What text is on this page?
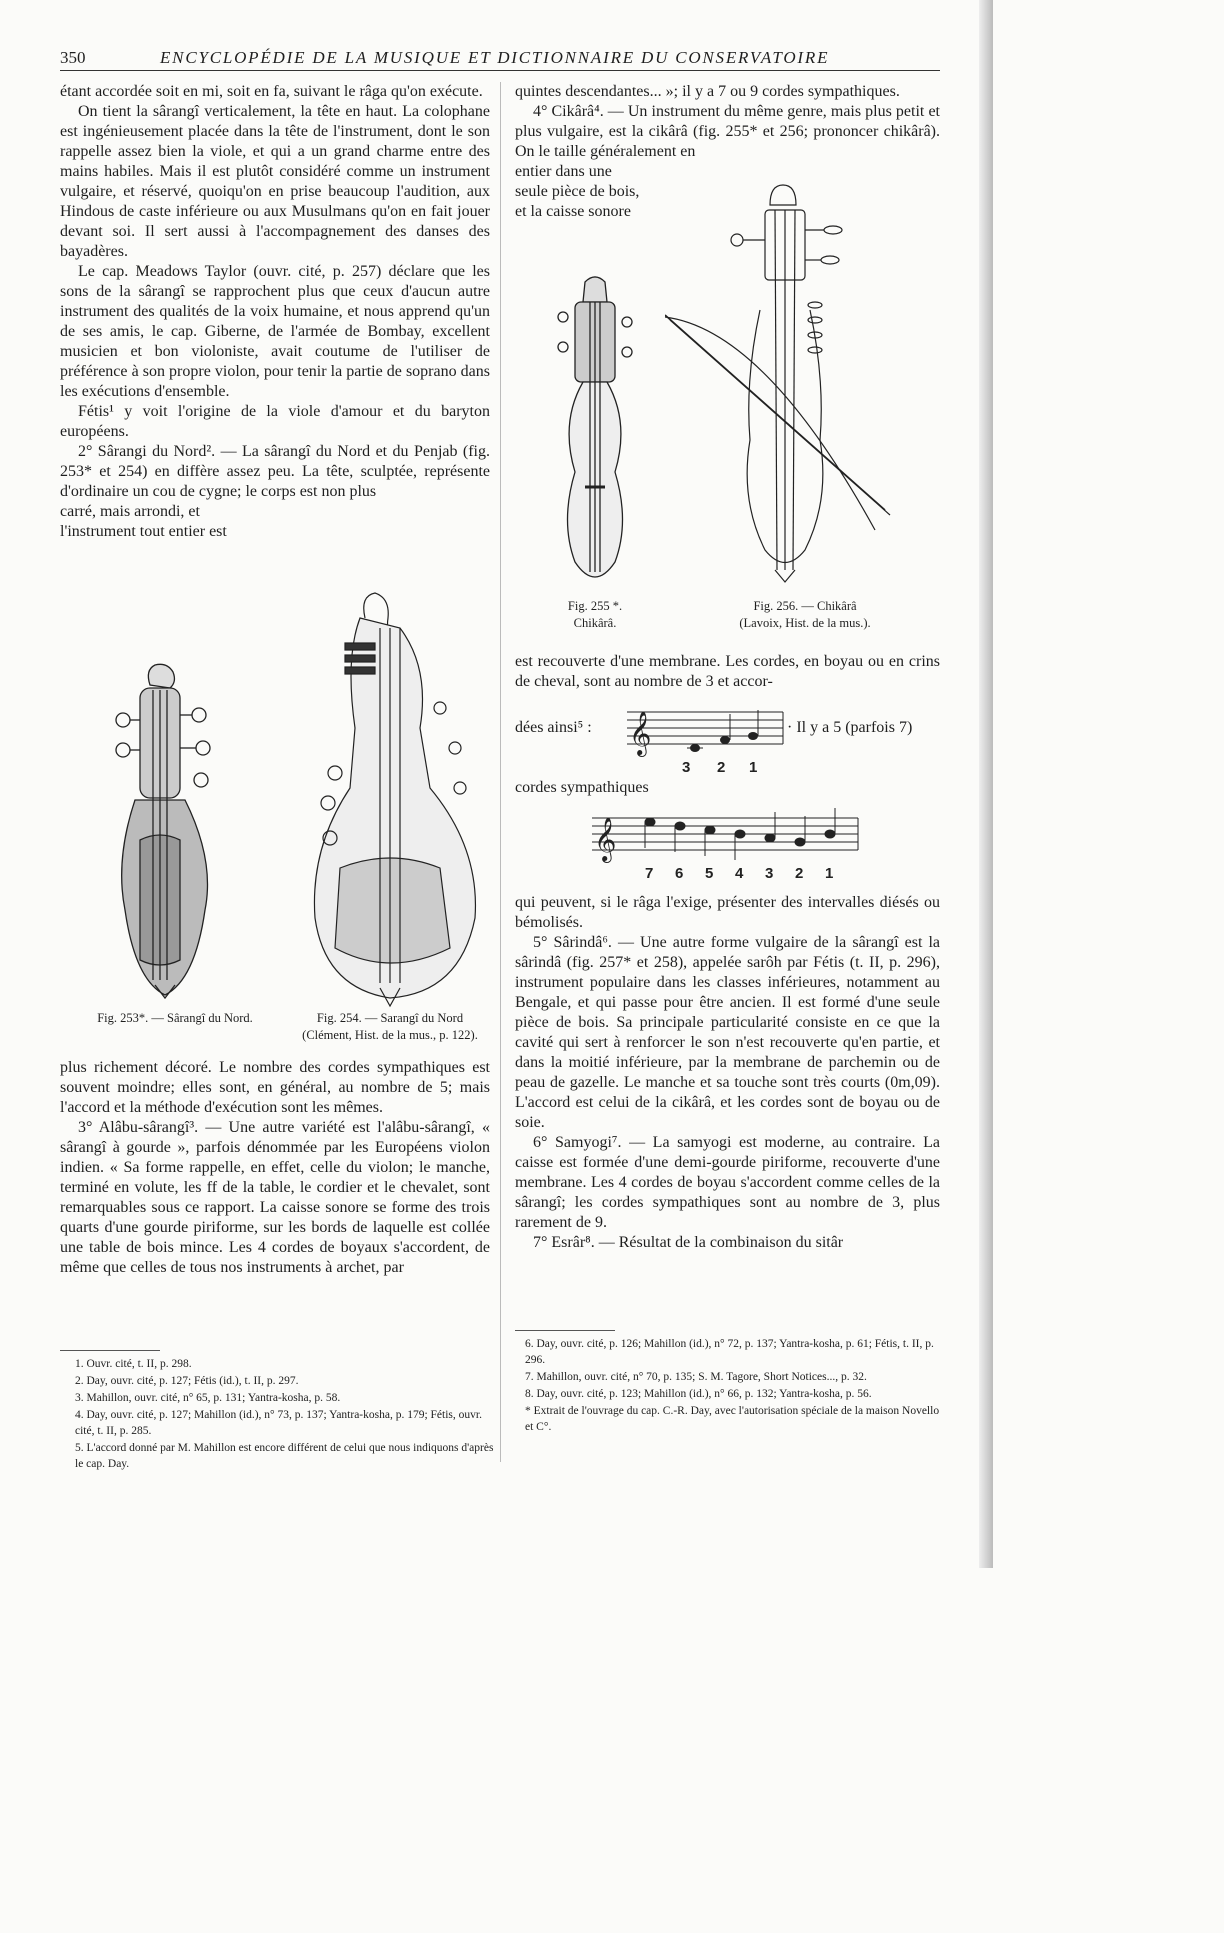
350	ENCYCLOPÉDIE DE LA MUSIQUE ET DICTIONNAIRE DU CONSERVATOIRE

étant accordée soit en mi, soit en fa, suivant le râga qu'on exécute.

On tient la sârangî verticalement, la tête en haut. La colophane est ingénieusement placée dans la tête de l'instrument, dont le son rappelle assez bien la viole, et qui a un grand charme entre des mains habiles. Mais il est plutôt considéré comme un instrument vulgaire, et réservé, quoiqu'on en prise beaucoup l'audition, aux Hindous de caste inférieure ou aux Musulmans qu'on en fait jouer devant soi. Il sert aussi à l'accompagnement des danses des bayadères.

Le cap. Meadows Taylor (ouvr. cité, p. 257) déclare que les sons de la sârangî se rapprochent plus que ceux d'aucun autre instrument des qualités de la voix humaine, et nous apprend qu'un de ses amis, le cap. Giberne, de l'armée de Bombay, excellent musicien et bon violoniste, avait coutume de l'utiliser de préférence à son propre violon, pour tenir la partie de soprano dans les exécutions d'ensemble.

Fétis¹ y voit l'origine de la viole d'amour et du baryton européens.

2° Sârangi du Nord². — La sârangî du Nord et du Penjab (fig. 253* et 254) en diffère assez peu. La tête, sculptée, représente d'ordinaire un cou de cygne; le corps est non plus

carré, mais arrondi, et
l'instrument tout entier est
Fig. 253*. — Sârangî du Nord.	Fig. 254. — Sarangî du Nord
(Clément, Hist. de la mus., p. 122).

plus richement décoré. Le nombre des cordes sympathiques est souvent moindre; elles sont, en général, au nombre de 5; mais l'accord et la méthode d'exécution sont les mêmes.

3° Alâbu-sârangî³. — Une autre variété est l'alâbu-sârangî, « sârangî à gourde », parfois dénommée par les Européens violon indien. « Sa forme rappelle, en effet, celle du violon; le manche, terminé en volute, les ff de la table, le cordier et le chevalet, sont remarquables sous ce rapport. La caisse sonore se forme des trois quarts d'une gourde piriforme, sur les bords de laquelle est collée une table de bois mince. Les 4 cordes de boyaux s'accordent, de même que celles de tous nos instruments à archet, par

1. Ouvr. cité, t. II, p. 298.

2. Day, ouvr. cité, p. 127; Fétis (id.), t. II, p. 297.

3. Mahillon, ouvr. cité, n° 65, p. 131; Yantra-kosha, p. 58.

4. Day, ouvr. cité, p. 127; Mahillon (id.), n° 73, p. 137; Yantra-kosha, p. 179; Fétis, ouvr. cité, t. II, p. 285.

5. L'accord donné par M. Mahillon est encore différent de celui que nous indiquons d'après le cap. Day.

quintes descendantes... »; il y a 7 ou 9 cordes sympathiques.

4° Cikârâ⁴. — Un instrument du même genre, mais plus petit et plus vulgaire, est la cikârâ (fig. 255* et 256; prononcer chikârâ). On le taille généralement en

entier dans une
seule pièce de bois,
et la caisse sonore
Fig. 255 *.
Chikârâ.
Fig. 256. — Chikârâ
(Lavoix, Hist. de la mus.).

est recouverte d'une membrane. Les cordes, en boyau ou en crins de cheval, sont au nombre de 3 et accor-

dées ainsi⁵ : 𝄞
3 2 1
· Il y a 5 (parfois 7)
cordes sympathiques
𝄞
7 6 5 4 3 2 1

qui peuvent, si le râga l'exige, présenter des intervalles diésés ou bémolisés.

5° Sârindâ⁶. — Une autre forme vulgaire de la sârangî est la sârindâ (fig. 257* et 258), appelée sarôh par Fétis (t. II, p. 296), instrument populaire dans les classes inférieures, notamment au Bengale, et qui passe pour être ancien. Il est formé d'une seule pièce de bois. Sa principale particularité consiste en ce que la cavité qui sert à renforcer le son n'est recouverte qu'en partie, et dans la moitié inférieure, par la membrane de parchemin ou de peau de gazelle. Le manche et sa touche sont très courts (0m,09). L'accord est celui de la cikârâ, et les cordes sont de boyau ou de soie.

6° Samyogi⁷. — La samyogi est moderne, au contraire. La caisse est formée d'une demi-gourde piriforme, recouverte d'une membrane. Les 4 cordes de boyau s'accordent comme celles de la sârangî; les cordes sympathiques sont au nombre de 3, plus rarement de 9.

7° Esrâr⁸. — Résultat de la combinaison du sitâr

6. Day, ouvr. cité, p. 126; Mahillon (id.), n° 72, p. 137; Yantra-kosha, p. 61; Fétis, t. II, p. 296.

7. Mahillon, ouvr. cité, n° 70, p. 135; S. M. Tagore, Short Notices..., p. 32.

8. Day, ouvr. cité, p. 123; Mahillon (id.), n° 66, p. 132; Yantra-kosha, p. 56.

* Extrait de l'ouvrage du cap. C.-R. Day, avec l'autorisation spéciale de la maison Novello et C°.
